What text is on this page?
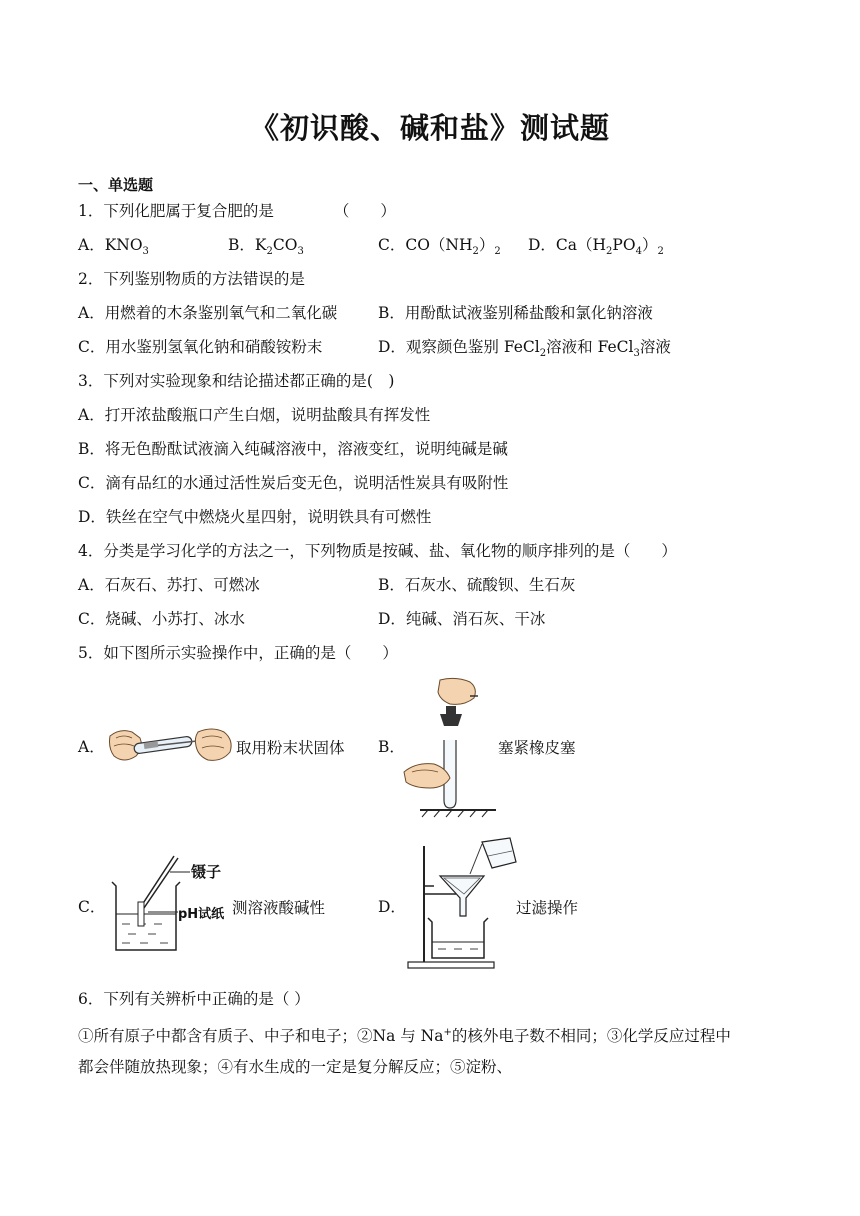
《初识酸、碱和盐》测试题
一、单选题
1．下列化肥属于复合肥的是	（　　）
A．$KNO_3$	B．$K_2CO_3$	C．$CO(NH_2)_2$ D．$Ca(H_2PO_4)_2$
2．下列鉴别物质的方法错误的是
A．用燃着的木条鉴别氧气和二氧化碳	B．用酚酞试液鉴别稀盐酸和氯化钠溶液
C．用水鉴别氢氧化钠和硝酸铵粉末	D．观察颜色鉴别 FeCl$_2$溶液和 FeCl$_3$溶液
3．下列对实验现象和结论描述都正确的是(　)
A．打开浓盐酸瓶口产生白烟，说明盐酸具有挥发性
B．将无色酚酞试液滴入纯碱溶液中，溶液变红，说明纯碱是碱
C．滴有品红的水通过活性炭后变无色，说明活性炭具有吸附性
D．铁丝在空气中燃烧火星四射，说明铁具有可燃性
4．分类是学习化学的方法之一，下列物质是按碱、盐、氧化物的顺序排列的是（　　）
A．石灰石、苏打、可燃冰	B．石灰水、硫酸钡、生石灰
C．烧碱、小苏打、冰水	D．纯碱、消石灰、干冰
5．如下图所示实验操作中，正确的是（　　）
A．	取用粉末状固体 B．	塞紧橡皮塞
C．
镊子
pH试纸 测溶液酸碱性	D．	过滤操作
6．下列有关辨析中正确的是（ ）
①所有原子中都含有质子、中子和电子；②Na 与 Na+的核外电子数不相同；③化学反应过程中
都会伴随放热现象；④有水生成的一定是复分解反应；⑤淀粉、
